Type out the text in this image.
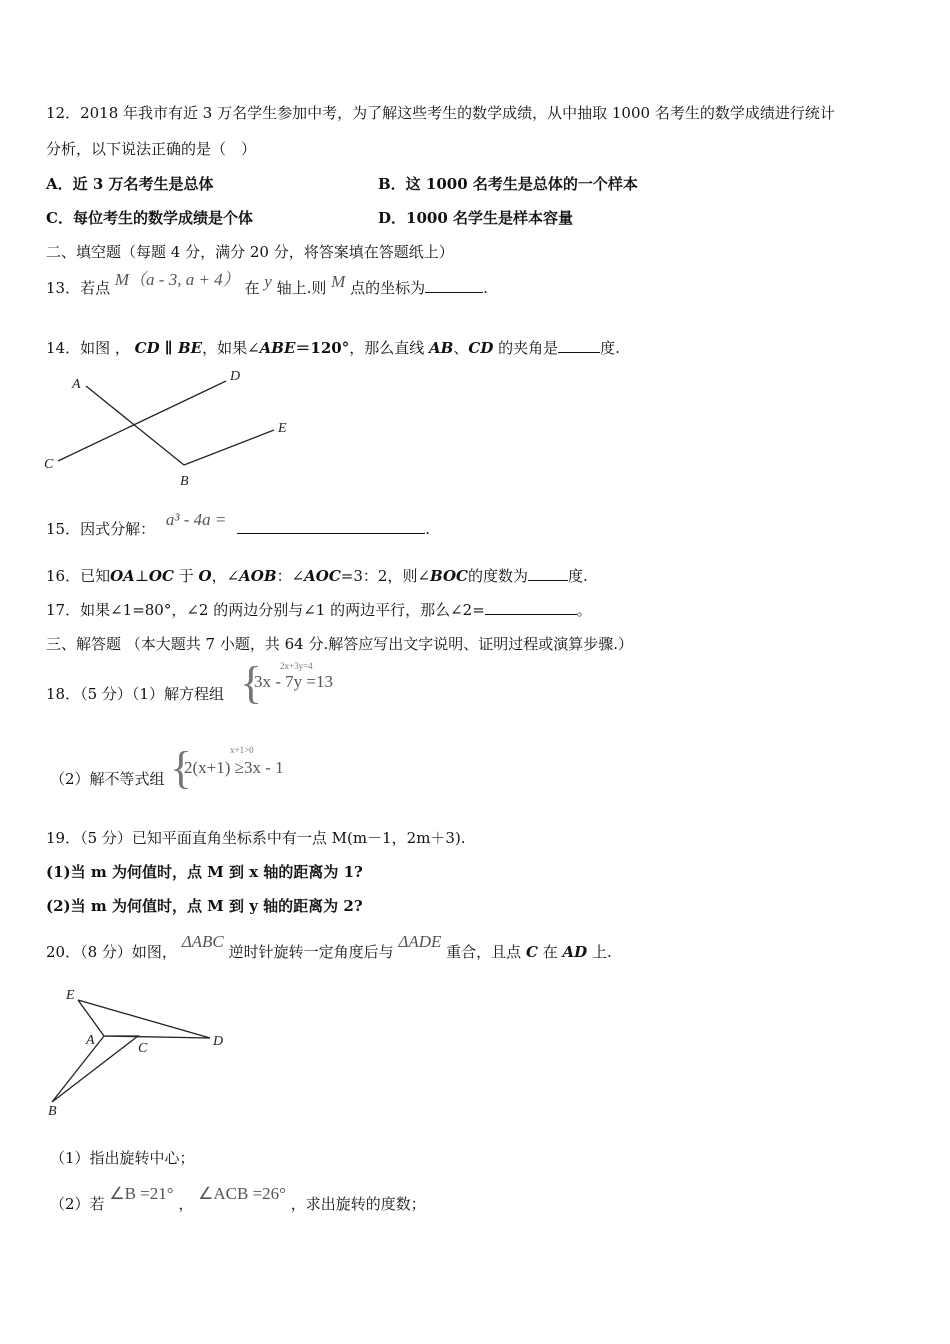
12．2018 年我市有近 3 万名学生参加中考，为了解这些考生的数学成绩，从中抽取 1000 名考生的数学成绩进行统计
分析，以下说法正确的是（　）
A．近 3 万名考生是总体	B．这 1000 名考生是总体的一个样本
C．每位考生的数学成绩是个体	D．1000 名学生是样本容量
二、填空题（每题 4 分，满分 20 分，将答案填在答题纸上）
13．若点 M（a - 3, a + 4） 在 y 轴上.则 M 点的坐标为	.
14．如图 ， CD ∥ BE，如果∠ABE＝120°，那么直线 AB、CD 的夹角是	度.
A
D
E
C
B
15．因式分解： a³ - 4a =	.
16．已知OA⊥OC 于 O，∠AOB：∠AOC=3：2，则∠BOC的度数为	度.
17．如果∠1=80°，∠2 的两边分别与∠1 的两边平行，那么∠2=	。
三、解答题 （本大题共 7 小题，共 64 分.解答应写出文字说明、证明过程或演算步骤.）
18．（5 分）（1）解方程组 { 2x+3y=4
3x - 7y =13
（2）解不等式组 {	x+1>0
2(x+1) ≥3x - 1
19．（5 分）已知平面直角坐标系中有一点 M(m－1，2m＋3).
(1)当 m 为何值时，点 M 到 x 轴的距离为 1?
(2)当 m 为何值时，点 M 到 y 轴的距离为 2?
20．（8 分）如图， ΔABC 逆时针旋转一定角度后与 ΔADE 重合，且点 C 在 AD 上.
E
A
C	D
B
（1）指出旋转中心；
（2）若 ∠B =21° ， ∠ACB =26° ，求出旋转的度数；
